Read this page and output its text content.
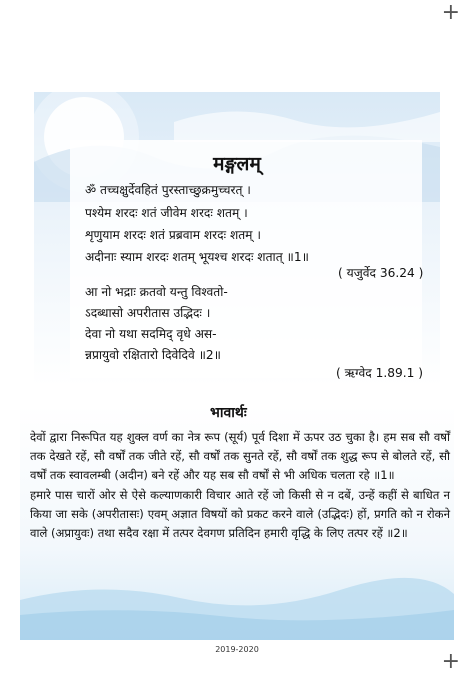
+
+
मङ्गलम्
ॐ तच्चक्षुर्देवहितं पुरस्ताच्छुक्रमुच्चरत् ।
पश्येम शरदः शतं जीवेम शरदः शतम् ।
शृणुयाम शरदः शतं प्रब्रवाम शरदः शतम् ।
अदीनाः स्याम शरदः शतम्‌ भूयश्च शरदः शतात् ॥1॥
( यजुर्वेद 36.24 )
आ नो भद्राः क्रतवो यन्तु विश्वतो-
ऽदब्धासो अपरीतास उद्भिदः ।
देवा नो यथा सदमिद् वृधे अस-
न्नप्रायुवो रक्षितारो दिवेदिवे ॥2॥
( ऋग्वेद 1.89.1 )
भावार्थः

देवों द्वारा निरूपित यह शुक्ल वर्ण का नेत्र रूप (सूर्य) पूर्व दिशा में ऊपर उठ चुका है। हम सब सौ वर्षों तक देखते रहें, सौ वर्षों तक जीते रहें, सौ वर्षों तक सुनते रहें, सौ वर्षों तक शुद्ध रूप से बोलते रहें, सौ वर्षों तक स्वावलम्बी (अदीन) बने रहें और यह सब सौ वर्षों से भी अधिक चलता रहे ॥1॥

हमारे पास चारों ओर से ऐसे कल्याणकारी विचार आते रहें जो किसी से न दबें, उन्हें कहीं से बाधित न किया जा सके (अपरीतासः) एवम् अज्ञात विषयों को प्रकट करने वाले (उद्भिदः) हों, प्रगति को न रोकने वाले (अप्रायुवः) तथा सदैव रक्षा में तत्पर देवगण प्रतिदिन हमारी वृद्धि के लिए तत्पर रहें ॥2॥

2019-2020
